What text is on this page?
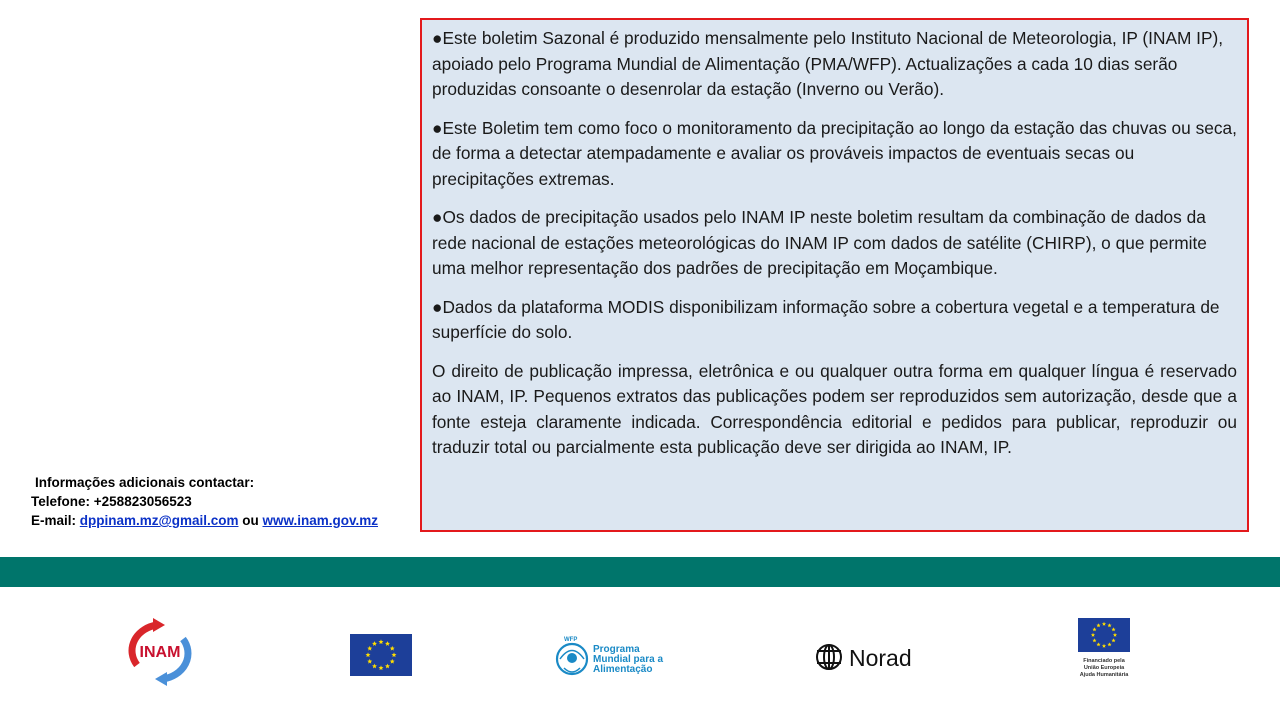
●Este boletim Sazonal é produzido mensalmente pelo Instituto Nacional de Meteorologia, IP (INAM IP), apoiado pelo Programa Mundial de Alimentação (PMA/WFP). Actualizações a cada 10 dias serão produzidas consoante o desenrolar da estação (Inverno ou Verão).

●Este Boletim tem como foco o monitoramento da precipitação ao longo da estação das chuvas ou seca, de forma a detectar atempadamente e avaliar os prováveis impactos de eventuais secas ou precipitações extremas.

●Os dados de precipitação usados pelo INAM IP neste boletim resultam da combinação de dados da rede nacional de estações meteorológicas do INAM IP com dados de satélite (CHIRP), o que permite uma melhor representação dos padrões de precipitação em Moçambique.

●Dados da plataforma MODIS disponibilizam informação sobre a cobertura vegetal e a temperatura de superfície do solo.

O direito de publicação impressa, eletrônica e ou qualquer outra forma em qualquer língua é reservado ao INAM, IP. Pequenos extratos das publicações podem ser reproduzidos sem autorização, desde que a fonte esteja claramente indicada. Correspondência editorial e pedidos para publicar, reproduzir ou traduzir total ou parcialmente esta publicação deve ser dirigida ao INAM, IP.

Informações adicionais contactar:
Telefone: +258823056523
E-mail: dppinam.mz@gmail.com ou www.inam.gov.mz
INAM
WFP
Programa
Mundial para a
Alimentação	Norad	Financiado pela
União Europeia
Ajuda Humanitária
